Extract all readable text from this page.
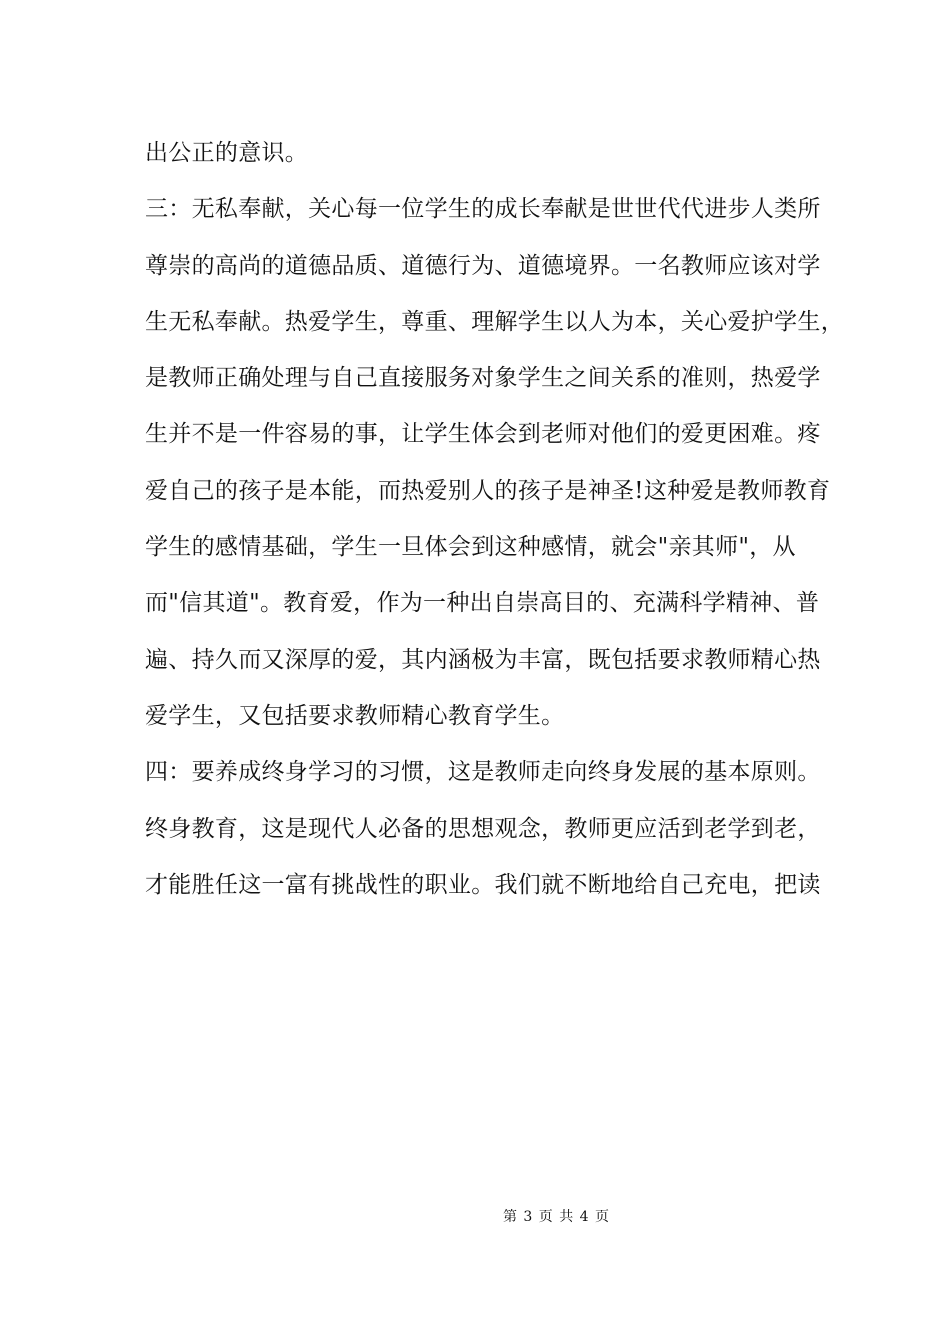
出公正的意识。
三：无私奉献，关心每一位学生的成长奉献是世世代代进步人类所
尊崇的高尚的道德品质、道德行为、道德境界。一名教师应该对学
生无私奉献。热爱学生，尊重、理解学生以人为本，关心爱护学生，
是教师正确处理与自己直接服务对象学生之间关系的准则，热爱学
生并不是一件容易的事，让学生体会到老师对他们的爱更困难。疼
爱自己的孩子是本能，而热爱别人的孩子是神圣!这种爱是教师教育
学生的感情基础，学生一旦体会到这种感情，就会"亲其师"，从
而"信其道"。教育爱，作为一种出自崇高目的、充满科学精神、普
遍、持久而又深厚的爱，其内涵极为丰富，既包括要求教师精心热
爱学生，又包括要求教师精心教育学生。
四：要养成终身学习的习惯，这是教师走向终身发展的基本原则。
终身教育，这是现代人必备的思想观念，教师更应活到老学到老，
才能胜任这一富有挑战性的职业。我们就不断地给自己充电，把读
第 3 页 共 4 页
